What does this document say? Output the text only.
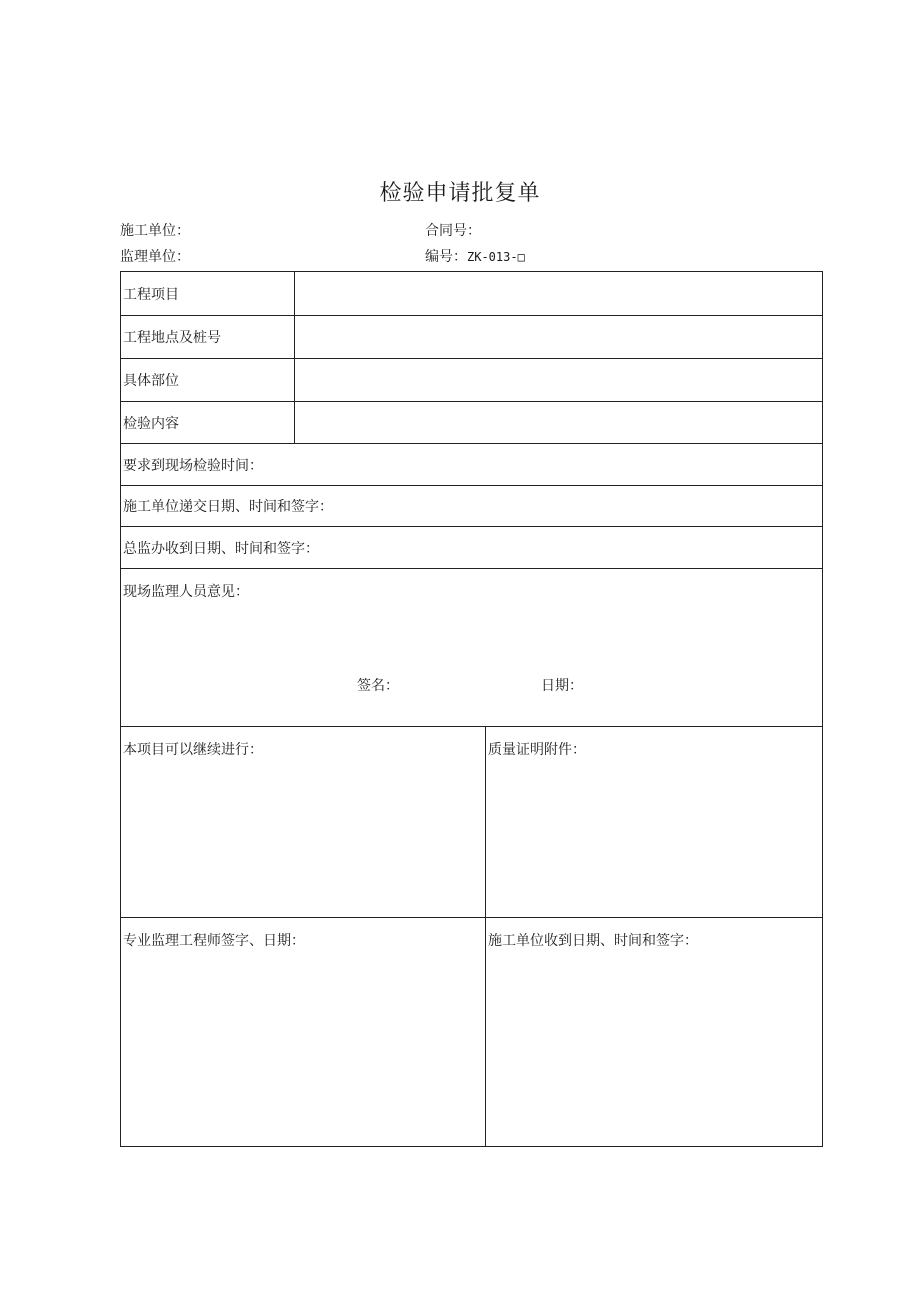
检验申请批复单
施工单位：	合同号：
监理单位：	编号：ZK-013-□
工程项目		
工程地点及桩号		
具体部位		
检验内容		
要求到现场检验时间：		
施工单位递交日期、时间和签字：		
总监办收到日期、时间和签字：		
现场监理人员意见：
签名： 日期：		

本项目可以继续进行：		质量证明附件：
专业监理工程师签字、日期：		施工单位收到日期、时间和签字：
